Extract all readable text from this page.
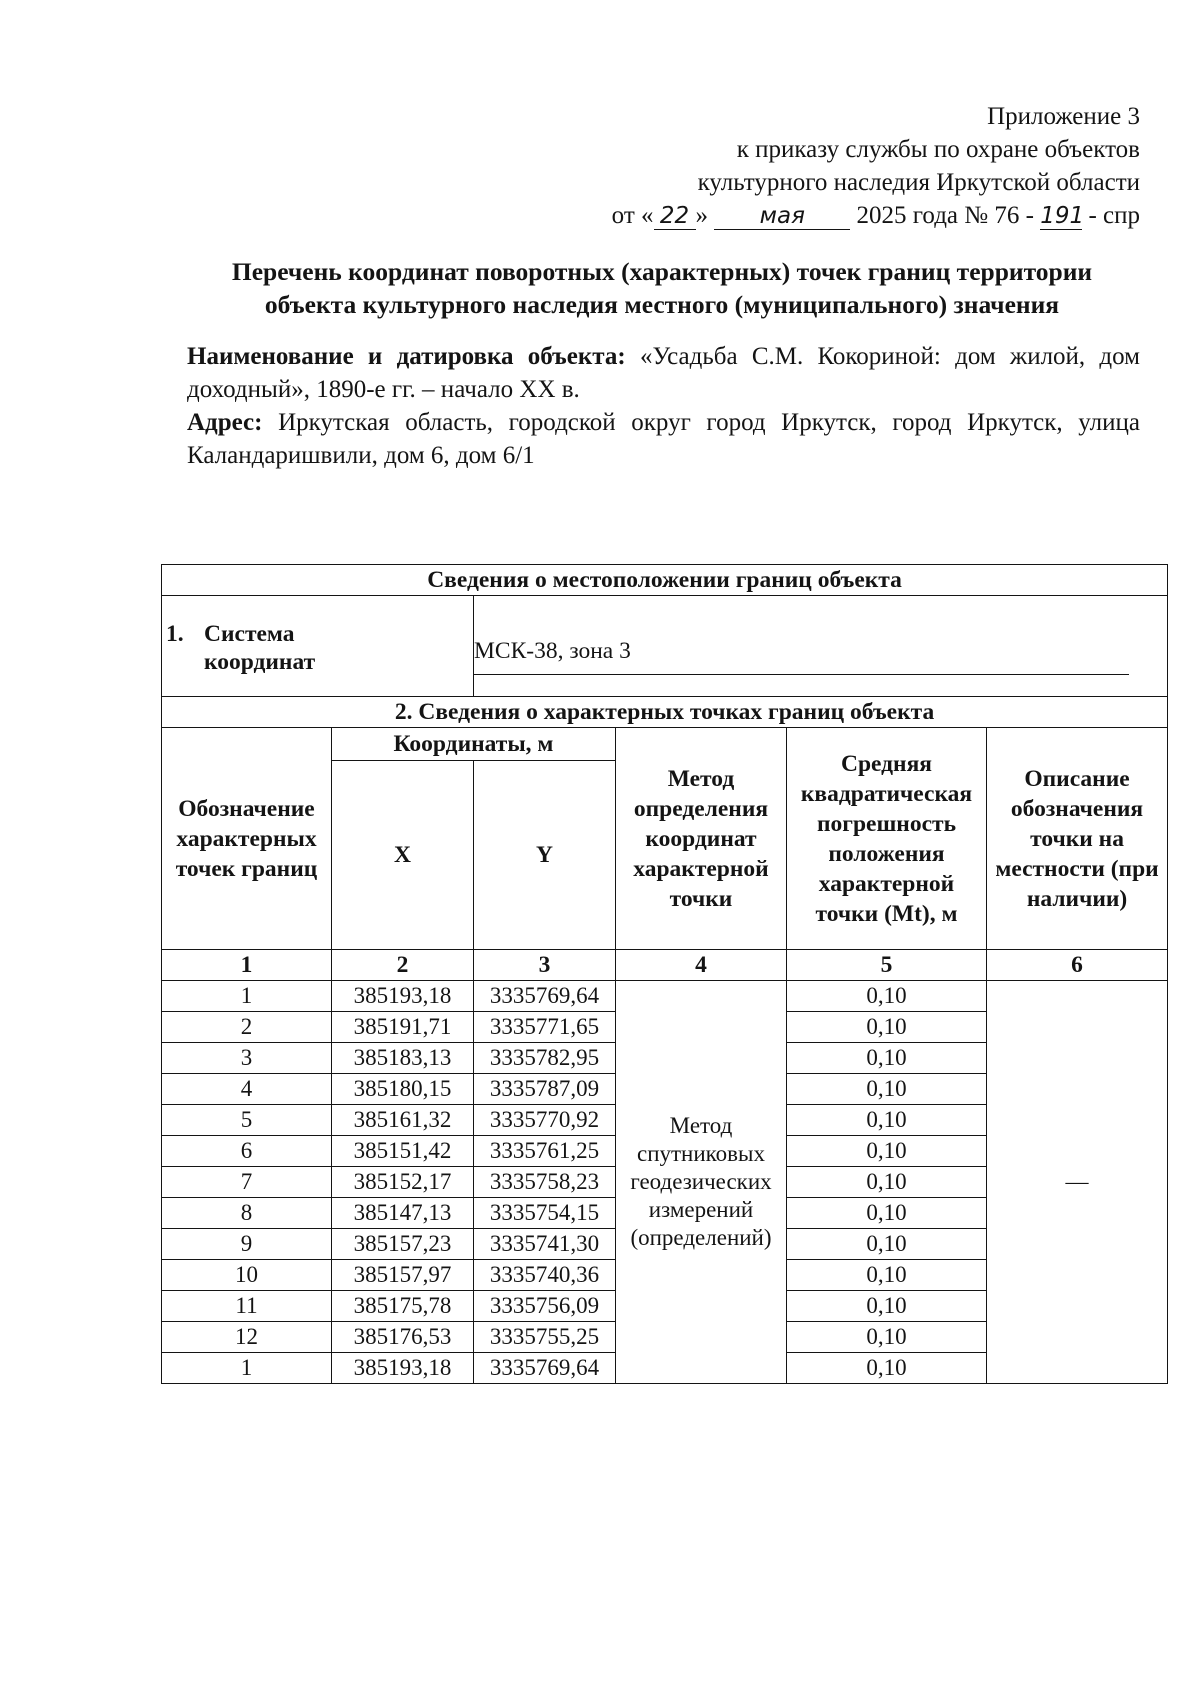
Приложение 3
к приказу службы по охране объектов
культурного наследия Иркутской области
от « 22 » мая 2025 года № 76 - 191 - спр
Перечень координат поворотных (характерных) точек границ территории
объекта культурного наследия местного (муниципального) значения

Наименование и датировка объекта: «Усадьба С.М. Кокориной: дом жилой, дом доходный», 1890-е гг. – начало XX в.

Адрес: Иркутская область, городской округ город Иркутск, город Иркутск, улица Каландаришвили, дом 6, дом 6/1

Сведения о местоположении границ объекта					
1. Система
координат		МСК-38, зона 3			

2. Сведения о характерных точках границ объекта					
Обозначение характерных точек границ	Координаты, м		Метод определения координат характерной точки	Средняя квадратическая погрешность положения характерной точки (Mt), м	Описание обозначения точки на местности (при наличии)
	X	Y			
1	2	3	4	5	6
1	385193,18	3335769,64	Метод спутниковых геодезических измерений (определений)	0,10	—
2	385191,71	3335771,65		0,10	
3	385183,13	3335782,95		0,10	
4	385180,15	3335787,09		0,10	
5	385161,32	3335770,92		0,10	
6	385151,42	3335761,25		0,10	
7	385152,17	3335758,23		0,10	
8	385147,13	3335754,15		0,10	
9	385157,23	3335741,30		0,10	
10	385157,97	3335740,36		0,10	
11	385175,78	3335756,09		0,10	
12	385176,53	3335755,25		0,10	
1	385193,18	3335769,64		0,10	
